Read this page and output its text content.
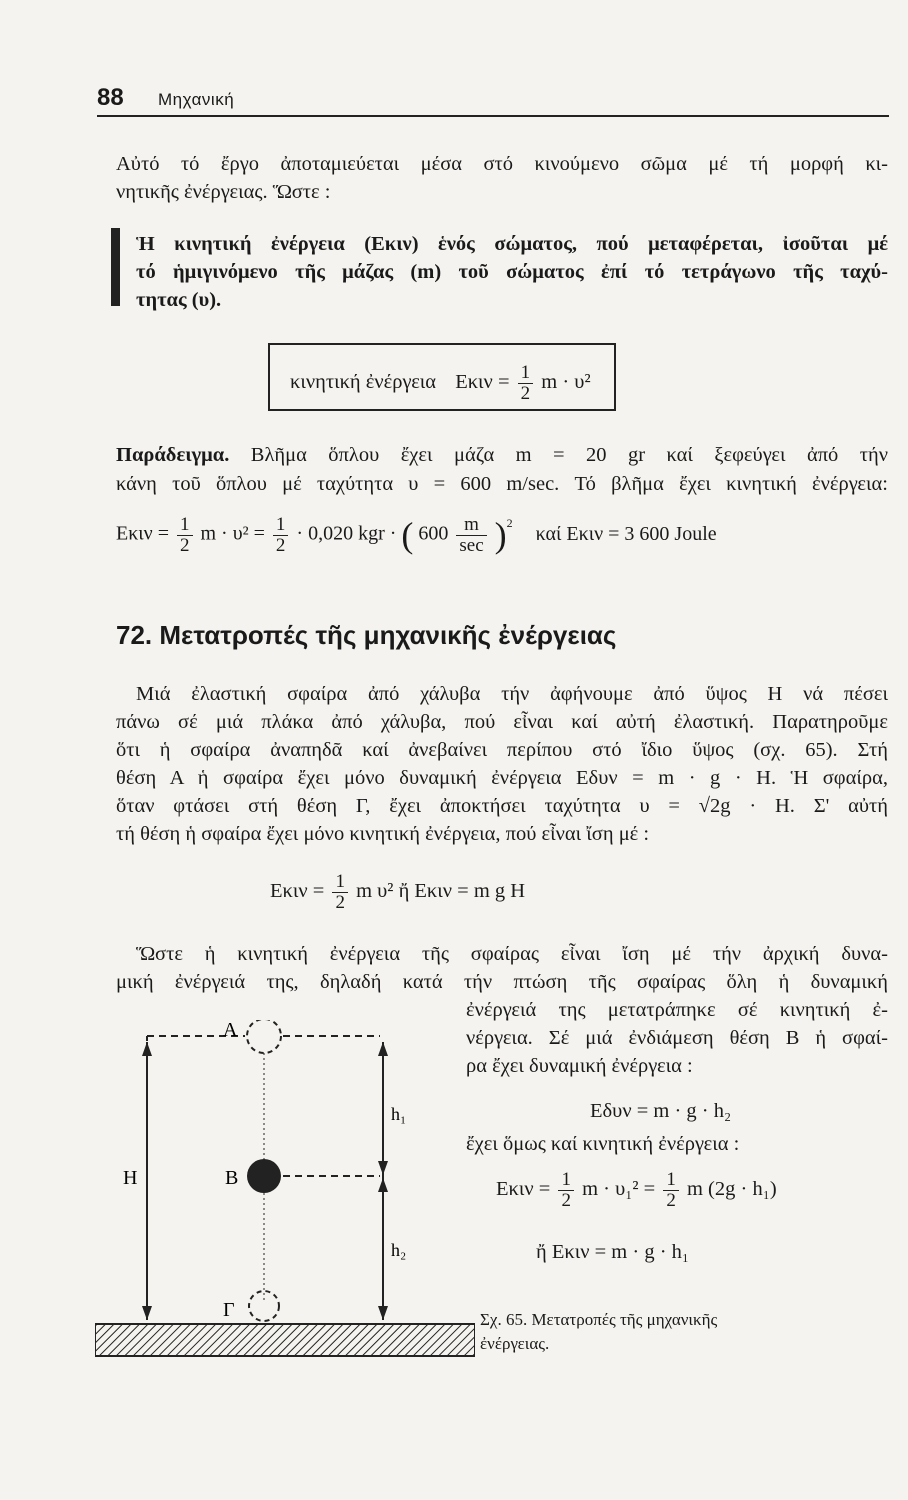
88 Μηχανική
Αὐτό τό ἔργο ἀποταμιεύεται μέσα στό κινούμενο σῶμα μέ τή μορφή κι-
νητικῆς ἐνέργειας. Ὥστε :
Ἡ κινητική ἐνέργεια (Eκιν) ἑνός σώματος, πού μεταφέρεται, ἰσοῦται μέ
τό ἡμιγινόμενο τῆς μάζας (m) τοῦ σώματος ἐπί τό τετράγωνο τῆς ταχύ-
τητας (υ).
κινητική ἐνέργεια $E\kappa\iota\nu = \frac{1}{2}$ m · υ²
Παράδειγμα. Βλῆμα ὅπλου ἔχει μάζα m = 20 gr καί ξεφεύγει ἀπό τήν
κάνη τοῦ ὅπλου μέ ταχύτητα υ = 600 m/sec. Τό βλῆμα ἔχει κινητική ἐνέργεια:
$E\kappa\iota\nu = \frac{1}{2}$ $m \cdot \upsilon^2 = \frac{1}{2} \cdot 0,020$ kgr · ( $600 \frac{m}{\sec} )^2$ καί Eκιν = 3 600 Joule
72. Μετατροπές τῆς μηχανικῆς ἐνέργειας
Μιά ἐλαστική σφαίρα ἀπό χάλυβα τήν ἀφήνουμε ἀπό ὕψος Η νά πέσει
πάνω σέ μιά πλάκα ἀπό χάλυβα, πού εἶναι καί αὐτή ἐλαστική. Παρατηροῦμε
ὅτι ἡ σφαίρα ἀναπηδᾶ καί ἀνεβαίνει περίπου στό ἴδιο ὕψος (σχ. 65). Στή
θέση Α ἡ σφαίρα ἔχει μόνο δυναμική ἐνέργεια Eδυν = m · g · Η. Ἡ σφαίρα,
ὅταν φτάσει στή θέση Γ, ἔχει ἀποκτήσει ταχύτητα υ = √2g · Η. Σ' αὐτή
τή θέση ἡ σφαίρα ἔχει μόνο κινητική ἐνέργεια, πού εἶναι ἴση μέ :
$E\kappa\iota\nu = \frac{1}{2}$ m υ² ἤ Eκιν = m g Η
Ὥστε ἡ κινητική ἐνέργεια τῆς σφαίρας εἶναι ἴση μέ τήν ἀρχική δυνα-
μική ἐνέργειά της, δηλαδή κατά τήν πτώση τῆς σφαίρας ὅλη ἡ δυναμική
ἐνέργειά της μετατράπηκε σέ κινητική ἐ-
νέργεια. Σέ μιά ἐνδιάμεση θέση Β ἡ σφαί-
ρα ἔχει δυναμική ἐνέργεια :
Eδυν = m · g · h₂
ἔχει ὅμως καί κινητική ἐνέργεια :
$E\kappa\iota\nu = \frac{1}{2}$ $m \cdot \upsilon_1^2 = \frac{1}{2}$ m (2g · h₁)
ἤ Eκιν = m · g · h₁
Α
Β
Γ
Η
h₁
h₂
Σχ. 65. Μετατροπές τῆς μηχανικῆς
ἐνέργειας.
